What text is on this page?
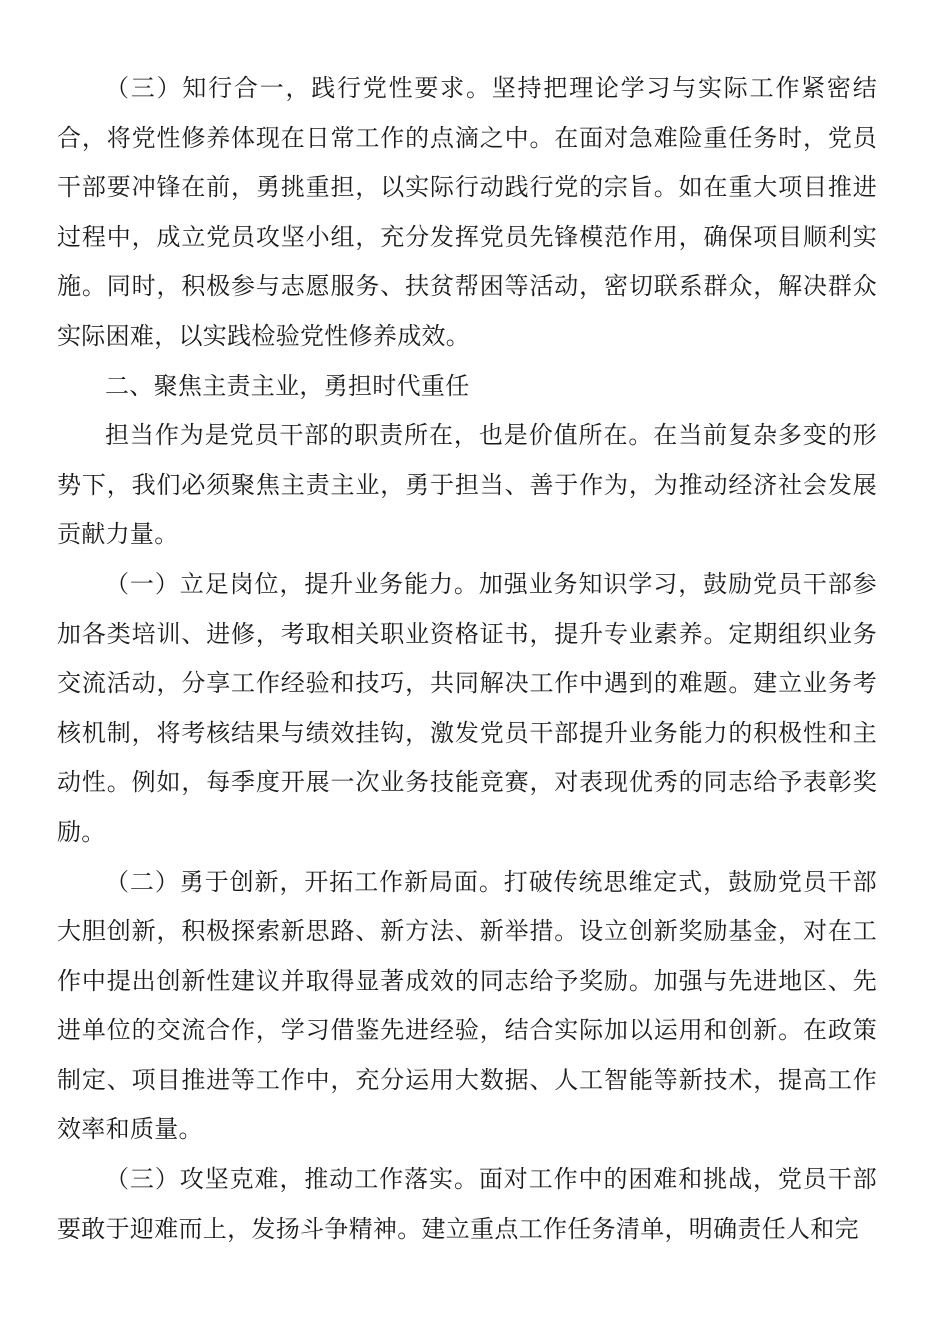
（三）知行合一，践行党性要求。坚持把理论学习与实际工作紧密结合，将党性修养体现在日常工作的点滴之中。在面对急难险重任务时，党员干部要冲锋在前，勇挑重担，以实际行动践行党的宗旨。如在重大项目推进过程中，成立党员攻坚小组，充分发挥党员先锋模范作用，确保项目顺利实施。同时，积极参与志愿服务、扶贫帮困等活动，密切联系群众，解决群众实际困难，以实践检验党性修养成效。

二、聚焦主责主业，勇担时代重任

担当作为是党员干部的职责所在，也是价值所在。在当前复杂多变的形势下，我们必须聚焦主责主业，勇于担当、善于作为，为推动经济社会发展贡献力量。

（一）立足岗位，提升业务能力。加强业务知识学习，鼓励党员干部参加各类培训、进修，考取相关职业资格证书，提升专业素养。定期组织业务交流活动，分享工作经验和技巧，共同解决工作中遇到的难题。建立业务考核机制，将考核结果与绩效挂钩，激发党员干部提升业务能力的积极性和主动性。例如，每季度开展一次业务技能竞赛，对表现优秀的同志给予表彰奖励。

（二）勇于创新，开拓工作新局面。打破传统思维定式，鼓励党员干部大胆创新，积极探索新思路、新方法、新举措。设立创新奖励基金，对在工作中提出创新性建议并取得显著成效的同志给予奖励。加强与先进地区、先进单位的交流合作，学习借鉴先进经验，结合实际加以运用和创新。在政策制定、项目推进等工作中，充分运用大数据、人工智能等新技术，提高工作效率和质量。

（三）攻坚克难，推动工作落实。面对工作中的困难和挑战，党员干部要敢于迎难而上，发扬斗争精神。建立重点工作任务清单，明确责任人和完
